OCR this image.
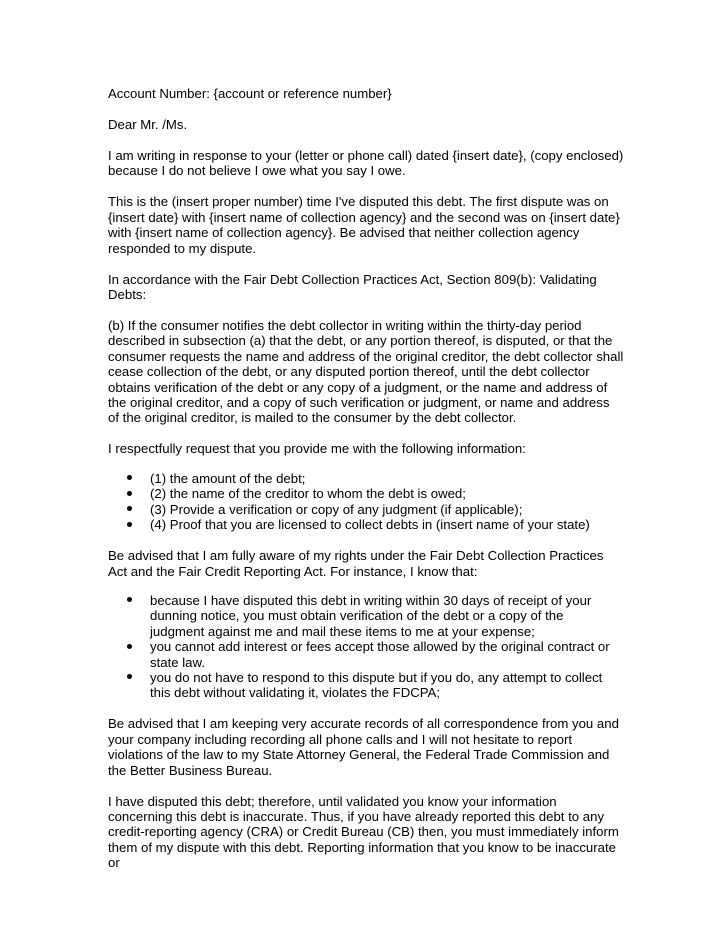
Account Number: {account or reference number}

Dear Mr. /Ms.

I am writing in response to your (letter or phone call) dated {insert date}, (copy enclosed) because I do not believe I owe what you say I owe.

This is the (insert proper number) time I've disputed this debt. The first dispute was on {insert date} with {insert name of collection agency} and the second was on {insert date} with {insert name of collection agency}. Be advised that neither collection agency responded to my dispute.

In accordance with the Fair Debt Collection Practices Act, Section 809(b): Validating Debts:

(b) If the consumer notifies the debt collector in writing within the thirty-day period described in subsection (a) that the debt, or any portion thereof, is disputed, or that the consumer requests the name and address of the original creditor, the debt collector shall cease collection of the debt, or any disputed portion thereof, until the debt collector obtains verification of the debt or any copy of a judgment, or the name and address of the original creditor, and a copy of such verification or judgment, or name and address of the original creditor, is mailed to the consumer by the debt collector.

I respectfully request that you provide me with the following information:

(1) the amount of the debt;
(2) the name of the creditor to whom the debt is owed;
(3) Provide a verification or copy of any judgment (if applicable);
(4) Proof that you are licensed to collect debts in (insert name of your state)

Be advised that I am fully aware of my rights under the Fair Debt Collection Practices Act and the Fair Credit Reporting Act. For instance, I know that:

because I have disputed this debt in writing within 30 days of receipt of your dunning notice, you must obtain verification of the debt or a copy of the judgment against me and mail these items to me at your expense;
you cannot add interest or fees accept those allowed by the original contract or state law.
you do not have to respond to this dispute but if you do, any attempt to collect this debt without validating it, violates the FDCPA;

Be advised that I am keeping very accurate records of all correspondence from you and your company including recording all phone calls and I will not hesitate to report violations of the law to my State Attorney General, the Federal Trade Commission and the Better Business Bureau.

I have disputed this debt; therefore, until validated you know your information concerning this debt is inaccurate. Thus, if you have already reported this debt to any credit-reporting agency (CRA) or Credit Bureau (CB) then, you must immediately inform them of my dispute with this debt. Reporting information that you know to be inaccurate or
